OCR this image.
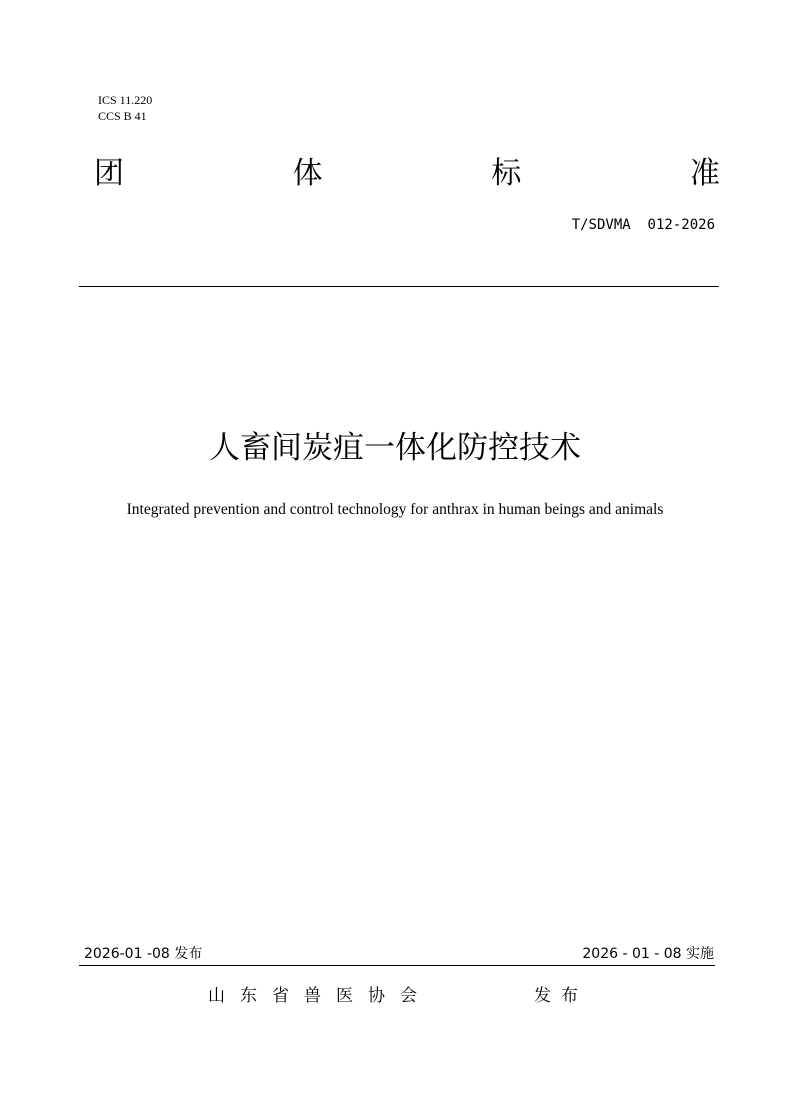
ICS 11.220
CCS B 41
团	体	标	准
T/SDVMA  012-2026
人畜间炭疽一体化防控技术
Integrated prevention and control technology for anthrax in human beings and animals
2026-01 -08 发布	2026 - 01 - 08 实施
山东省兽医协会	发布
